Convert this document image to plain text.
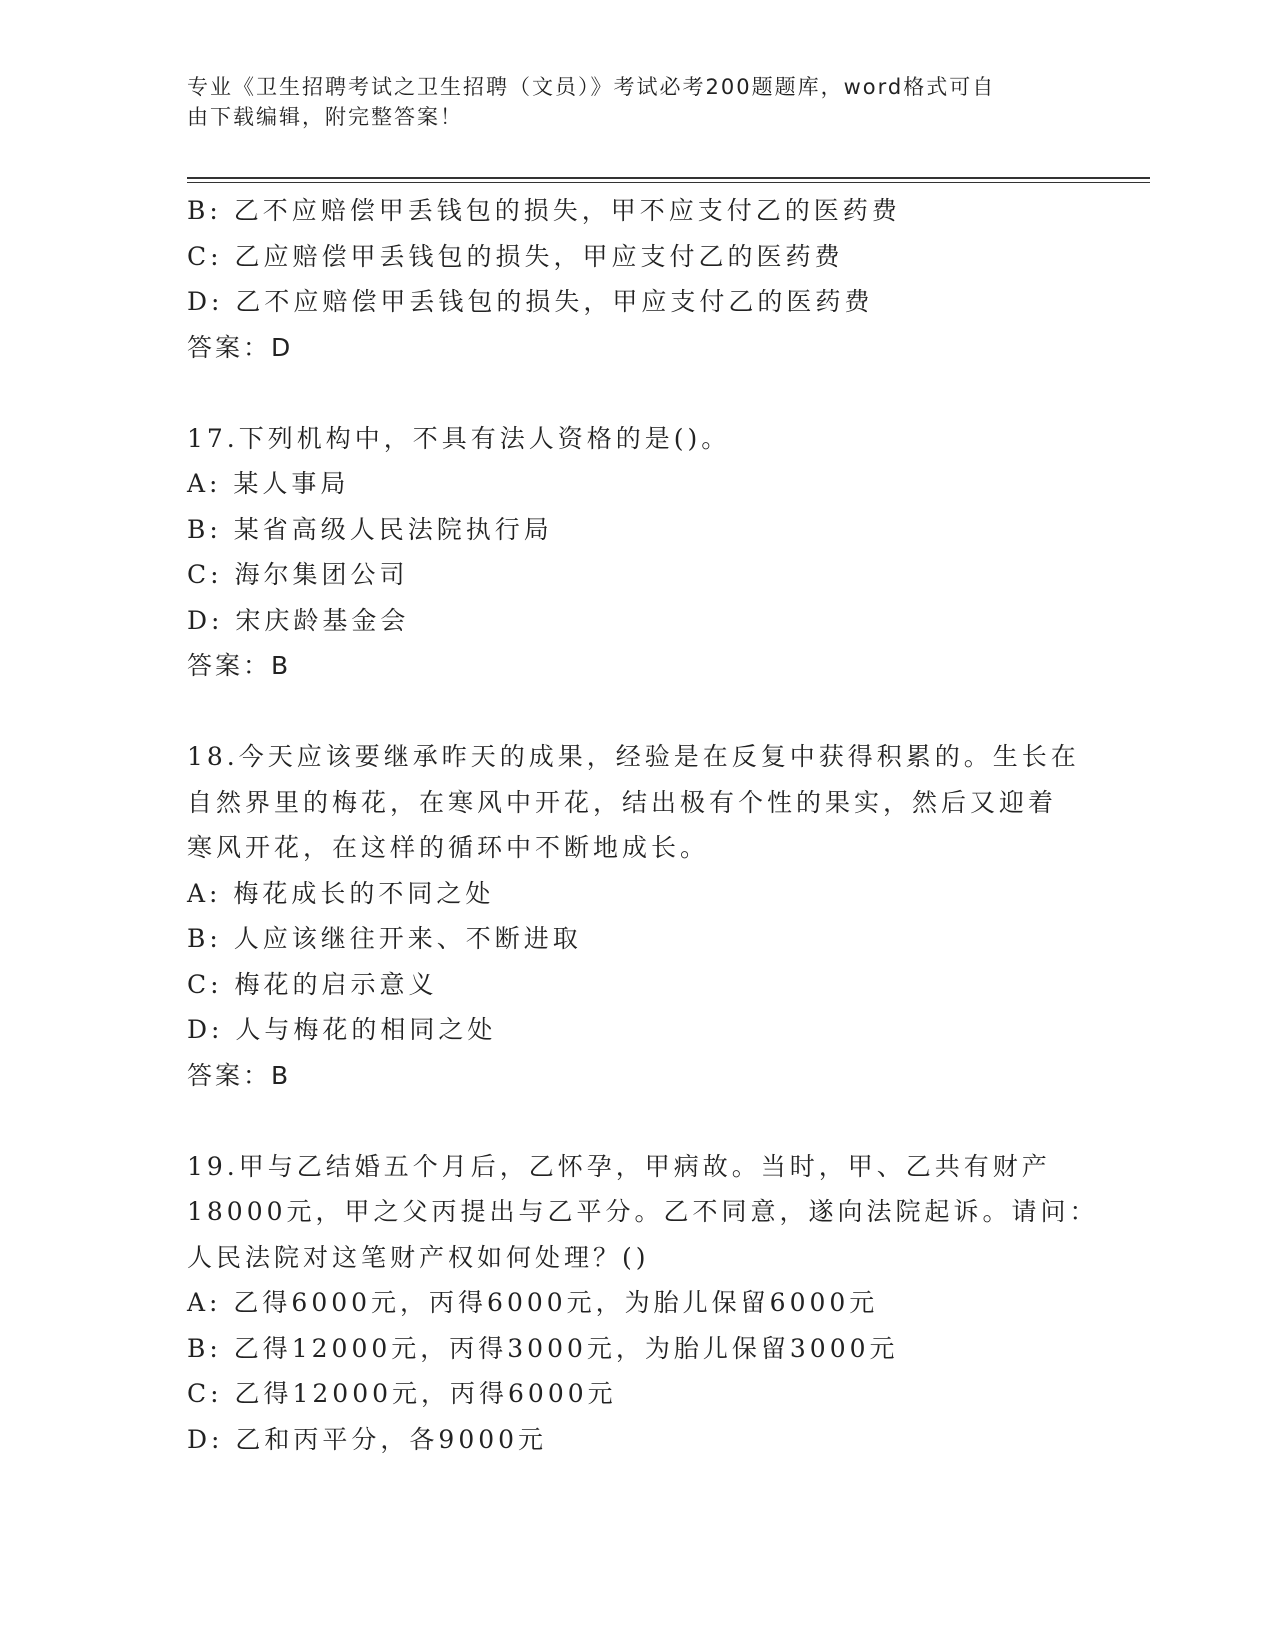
专业《卫生招聘考试之卫生招聘（文员）》考试必考200题题库，word格式可自
由下载编辑，附完整答案！
B: 乙不应赔偿甲丢钱包的损失，甲不应支付乙的医药费
C: 乙应赔偿甲丢钱包的损失，甲应支付乙的医药费
D: 乙不应赔偿甲丢钱包的损失，甲应支付乙的医药费
答案：D
17.下列机构中，不具有法人资格的是()。
A: 某人事局
B: 某省高级人民法院执行局
C: 海尔集团公司
D: 宋庆龄基金会
答案：B
18.今天应该要继承昨天的成果，经验是在反复中获得积累的。生长在
自然界里的梅花，在寒风中开花，结出极有个性的果实，然后又迎着
寒风开花，在这样的循环中不断地成长。
A: 梅花成长的不同之处
B: 人应该继往开来、不断进取
C: 梅花的启示意义
D: 人与梅花的相同之处
答案：B
19.甲与乙结婚五个月后，乙怀孕，甲病故。当时，甲、乙共有财产
18000元，甲之父丙提出与乙平分。乙不同意，遂向法院起诉。请问：
人民法院对这笔财产权如何处理？()
A: 乙得6000元，丙得6000元，为胎儿保留6000元
B: 乙得12000元，丙得3000元，为胎儿保留3000元
C: 乙得12000元，丙得6000元
D: 乙和丙平分，各9000元
